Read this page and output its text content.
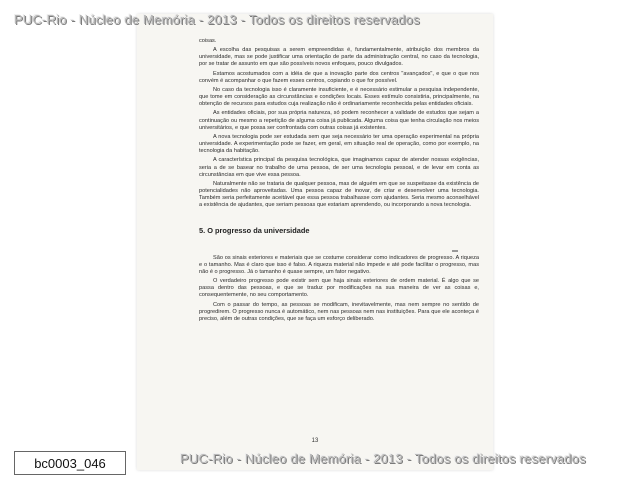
coisas.

A escolha das pesquisas a serem empreendidas é, fundamentalmente, atribuição dos membros da universidade, mas se pode justificar uma orientação de parte da administração central, no caso da tecnologia, por se tratar de assunto em que são possíveis novos enfoques, pouco divulgados.

Estamos acostumados com a idéia de que a inovação parte dos centros "avançados", e que o que nos convém é acompanhar o que fazem esses centros, copiando o que for possível.

No caso da tecnologia isso é claramente insuficiente, e é necessário estimular a pesquisa independente, que tome em consideração as circunstâncias e condições locais. Esses estímulo consistiria, principalmente, na obtenção de recursos para estudos cuja realização não é ordinariamente reconhecida pelas entidades oficiais.

As entidades oficiais, por sua própria natureza, só podem reconhecer a validade de estudos que sejam a continuação ou mesmo a repetição de alguma coisa já publicada. Alguma coisa que tenha circulação nos meios universitários, e que possa ser confrontada com outras coisas já existentes.

A nova tecnologia pode ser estudada sem que seja necessário ter uma operação experimental na própria universidade. A experimentação pode se fazer, em geral, em situação real de operação, como por exemplo, na tecnologia da habitação.

A característica principal da pesquisa tecnológica, que imaginamos capaz de atender nossas exigências, seria a de se basear no trabalho de uma pessoa, de ser uma tecnologia pessoal, e de levar em conta as circunstâncias em que vive essa pessoa.

Naturalmente não se trataria de qualquer pessoa, mas de alguém em que se suspeitasse da existência de potencialidades não aproveitadas. Uma pessoa capaz de inovar, de criar e desenvolver uma tecnologia. Também seria perfeitamente aceitável que essa pessoa trabalhasse com ajudantes. Seria mesmo aconselhável a existência de ajudantes, que seriam pessoas que estariam aprendendo, ou incorporando a nova tecnologia.

5. O progresso da universidade

São os sinais exteriores e materiais que se costume considerar como indicadores de progresso. A riqueza e o tamanho. Mas é claro que isso é falso. A riqueza material não impede e até pode facilitar o progresso, mas não é o progresso. Já o tamanho é quase sempre, um fator negativo.

O verdadeiro progresso pode existir sem que haja sinais exteriores de ordem material. É algo que se passa dentro das pessoas, e que se traduz por modificações na sua maneira de ver as coisas e, consequentemente, no seu comportamento.

Com o passar do tempo, as pessoas se modificam, inevitavelmente, mas nem sempre no sentido de progredirem. O progresso nunca é automático, nem nas pessoas nem nas instituições. Para que ele aconteça é preciso, além de outras condições, que se faça um esforço deliberado.

13
PUC-Rio - Núcleo de Memória - 2013 - Todos os direitos reservados
PUC-Rio - Núcleo de Memória - 2013 - Todos os direitos reservados
bc0003_046
